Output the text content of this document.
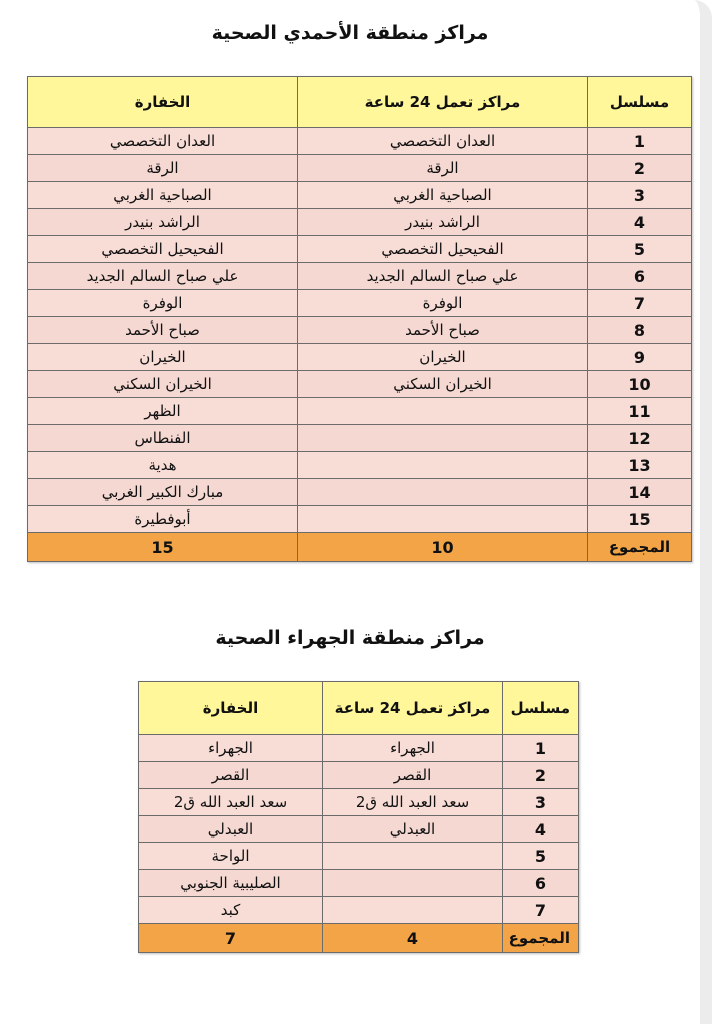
مراكز منطقة الأحمدي الصحية
مسلسل	مراكز تعمل 24 ساعة	الخفارة
1	العدان التخصصي	العدان التخصصي
2	الرقة	الرقة
3	الصباحية الغربي	الصباحية الغربي
4	الراشد بنيدر	الراشد بنيدر
5	الفحيحيل التخصصي	الفحيحيل التخصصي
6	علي صباح السالم الجديد	علي صباح السالم الجديد
7	الوفرة	الوفرة
8	صباح الأحمد	صباح الأحمد
9	الخيران	الخيران
10	الخيران السكني	الخيران السكني
11		الظهر
12		الفنطاس
13		هدية
14		مبارك الكبير الغربي
15		أبوفطيرة
المجموع	10	15
مراكز منطقة الجهراء الصحية
مسلسل	مراكز تعمل 24 ساعة	الخفارة
1	الجهراء	الجهراء
2	القصر	القصر
3	سعد العبد الله ق2	سعد العبد الله ق2
4	العبدلي	العبدلي
5		الواحة
6		الصليبية الجنوبي
7		كبد
المجموع	4	7
